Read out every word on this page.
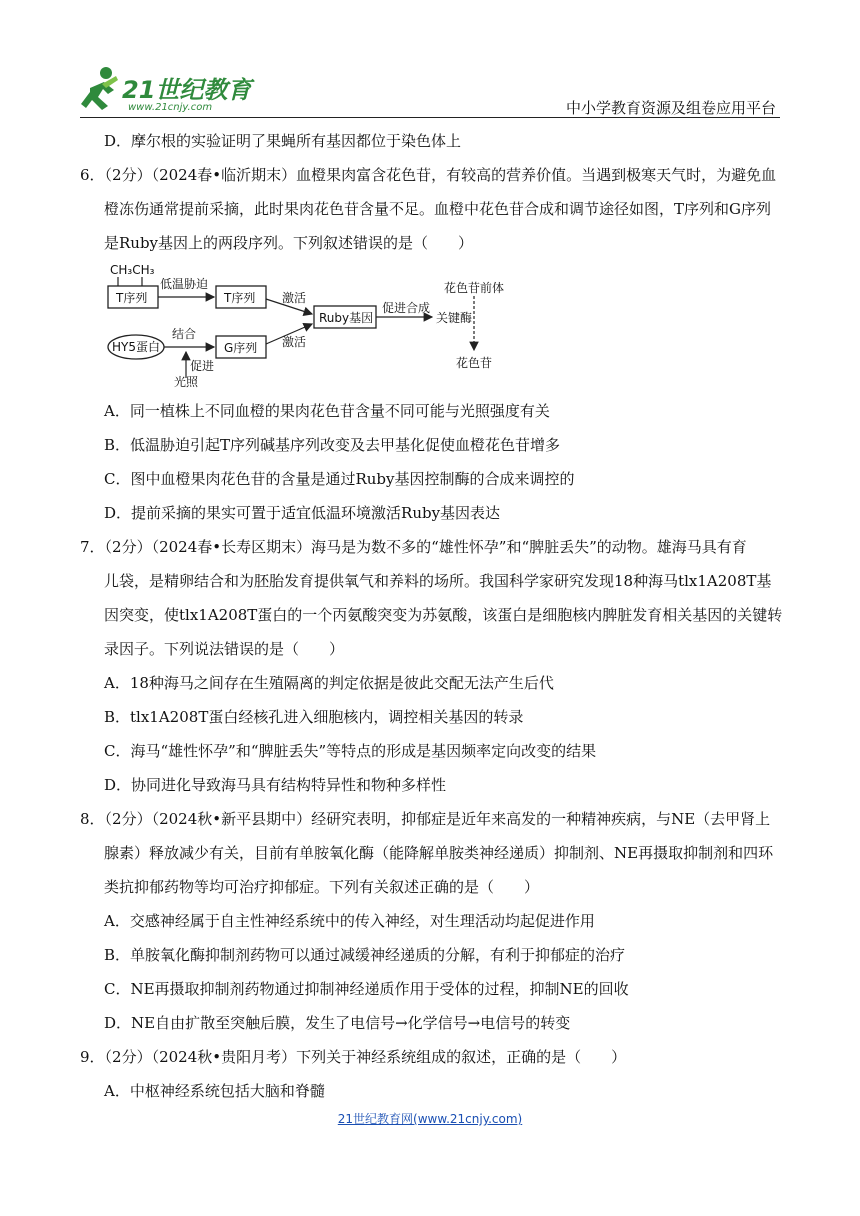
21世纪教育
www.21cnjy.com	中小学教育资源及组卷应用平台
D．摩尔根的实验证明了果蝇所有基因都位于染色体上
6．（2分）（2024春•临沂期末）血橙果肉富含花色苷，有较高的营养价值。当遇到极寒天气时，为避免血
橙冻伤通常提前采摘，此时果肉花色苷含量不足。血橙中花色苷合成和调节途径如图，T序列和G序列
是Ruby基因上的两段序列。下列叙述错误的是（　　）
CH₃CH₃
T序列
低温胁迫
T序列 激活
Ruby基因
促进合成
关键酶
花色苷前体
花色苷
HY5蛋白
结合
G序列 激活
促进
光照
A．同一植株上不同血橙的果肉花色苷含量不同可能与光照强度有关
B．低温胁迫引起T序列碱基序列改变及去甲基化促使血橙花色苷增多
C．图中血橙果肉花色苷的含量是通过Ruby基因控制酶的合成来调控的
D．提前采摘的果实可置于适宜低温环境激活Ruby基因表达
7．（2分）（2024春•长寿区期末）海马是为数不多的“雄性怀孕”和“脾脏丢失”的动物。雄海马具有育
儿袋，是精卵结合和为胚胎发育提供氧气和养料的场所。我国科学家研究发现18种海马tlx1A208T基
因突变，使tlx1A208T蛋白的一个丙氨酸突变为苏氨酸，该蛋白是细胞核内脾脏发育相关基因的关键转
录因子。下列说法错误的是（　　）
A．18种海马之间存在生殖隔离的判定依据是彼此交配无法产生后代
B．tlx1A208T蛋白经核孔进入细胞核内，调控相关基因的转录
C．海马“雄性怀孕”和“脾脏丢失”等特点的形成是基因频率定向改变的结果
D．协同进化导致海马具有结构特异性和物种多样性
8．（2分）（2024秋•新平县期中）经研究表明，抑郁症是近年来高发的一种精神疾病，与NE（去甲肾上
腺素）释放减少有关，目前有单胺氧化酶（能降解单胺类神经递质）抑制剂、NE再摄取抑制剂和四环
类抗抑郁药物等均可治疗抑郁症。下列有关叙述正确的是（　　）
A．交感神经属于自主性神经系统中的传入神经，对生理活动均起促进作用
B．单胺氧化酶抑制剂药物可以通过减缓神经递质的分解，有利于抑郁症的治疗
C．NE再摄取抑制剂药物通过抑制神经递质作用于受体的过程，抑制NE的回收
D．NE自由扩散至突触后膜，发生了电信号→化学信号→电信号的转变
9．（2分）（2024秋•贵阳月考）下列关于神经系统组成的叙述，正确的是（　　）
A．中枢神经系统包括大脑和脊髓
21世纪教育网(www.21cnjy.com)
